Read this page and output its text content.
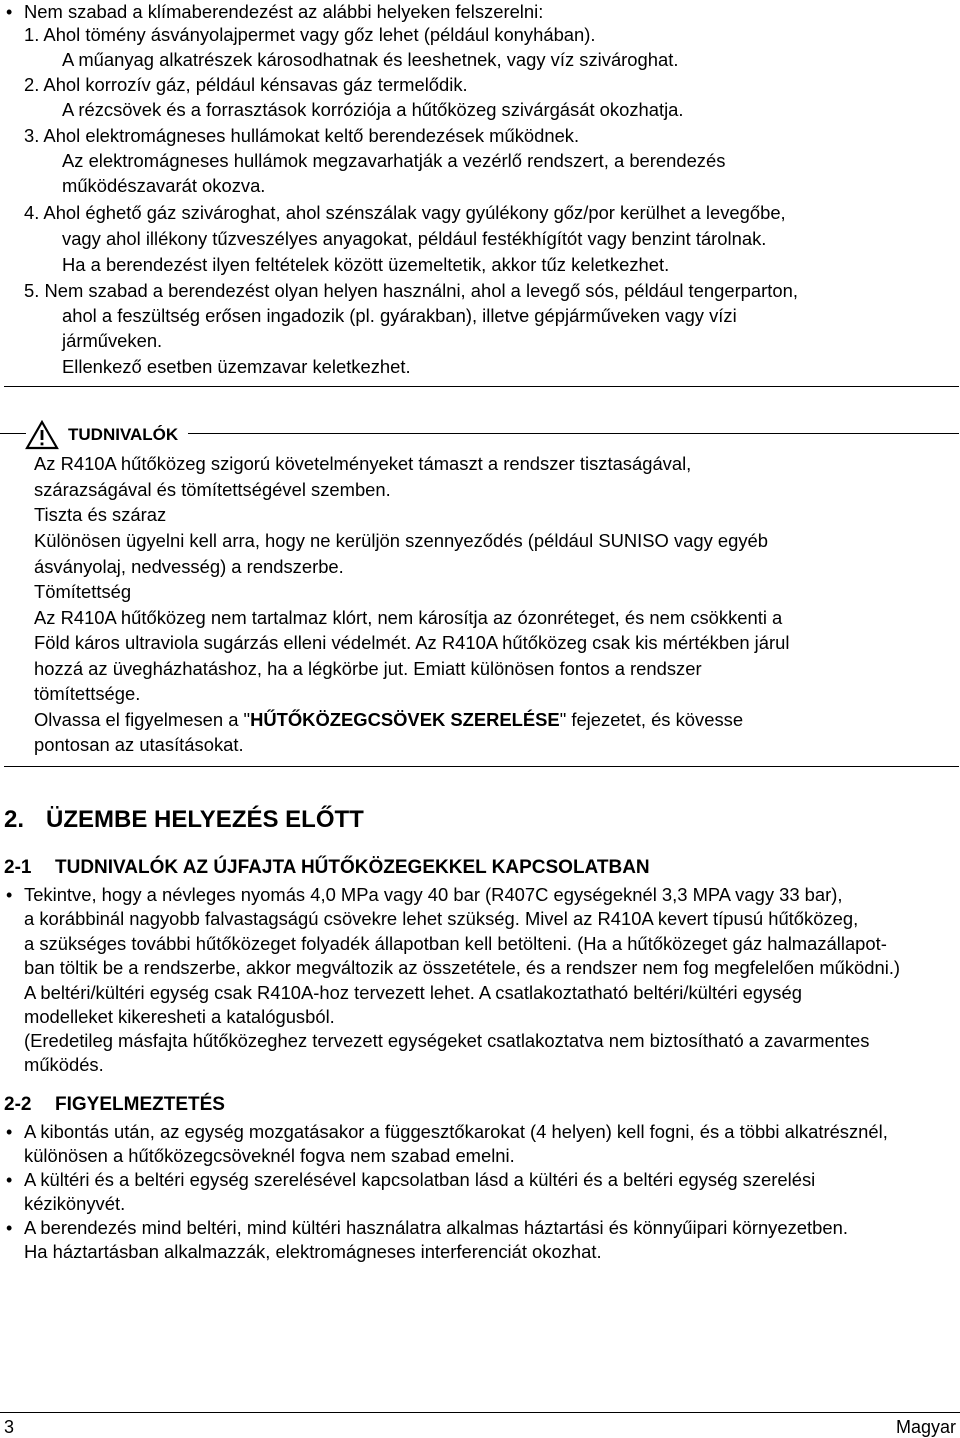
• Nem szabad a klímaberendezést az alábbi helyeken felszerelni:
1. Ahol tömény ásványolajpermet vagy gőz lehet (például konyhában).
A műanyag alkatrészek károsodhatnak és leeshetnek, vagy víz szivároghat.
2. Ahol korrozív gáz, például kénsavas gáz termelődik.
A rézcsövek és a forrasztások korróziója a hűtőközeg szivárgását okozhatja.
3. Ahol elektromágneses hullámokat keltő berendezések működnek.
Az elektromágneses hullámok megzavarhatják a vezérlő rendszert, a berendezés
működészavarát okozva.
4. Ahol éghető gáz szivároghat, ahol szénszálak vagy gyúlékony gőz/por kerülhet a levegőbe,
vagy ahol illékony tűzveszélyes anyagokat, például festékhígítót vagy benzint tárolnak.
Ha a berendezést ilyen feltételek között üzemeltetik, akkor tűz keletkezhet.
5. Nem szabad a berendezést olyan helyen használni, ahol a levegő sós, például tengerparton,
ahol a feszültség erősen ingadozik (pl. gyárakban), illetve gépjárműveken vagy vízi
járműveken.
Ellenkező esetben üzemzavar keletkezhet.
TUDNIVALÓK
Az R410A hűtőközeg szigorú követelményeket támaszt a rendszer tisztaságával,
szárazságával és tömítettségével szemben.
Tiszta és száraz
Különösen ügyelni kell arra, hogy ne kerüljön szennyeződés (például SUNISO vagy egyéb
ásványolaj, nedvesség) a rendszerbe.
Tömítettség
Az R410A hűtőközeg nem tartalmaz klórt, nem károsítja az ózonréteget, és nem csökkenti a
Föld káros ultraviola sugárzás elleni védelmét. Az R410A hűtőközeg csak kis mértékben járul
hozzá az üvegházhatáshoz, ha a légkörbe jut. Emiatt különösen fontos a rendszer
tömítettsége.
Olvassa el figyelmesen a "HŰTŐKÖZEGCSÖVEK SZERELÉSE" fejezetet, és kövesse
pontosan az utasításokat.
2. ÜZEMBE HELYEZÉS ELŐTT
2-1 TUDNIVALÓK AZ ÚJFAJTA HŰTŐKÖZEGEKKEL KAPCSOLATBAN
• Tekintve, hogy a névleges nyomás 4,0 MPa vagy 40 bar (R407C egységeknél 3,3 MPA vagy 33 bar),
a korábbinál nagyobb falvastagságú csövekre lehet szükség. Mivel az R410A kevert típusú hűtőközeg,
a szükséges további hűtőközeget folyadék állapotban kell betölteni. (Ha a hűtőközeget gáz halmazállapot-
ban töltik be a rendszerbe, akkor megváltozik az összetétele, és a rendszer nem fog megfelelően működni.)
A beltéri/kültéri egység csak R410A-hoz tervezett lehet. A csatlakoztatható beltéri/kültéri egység
modelleket kikeresheti a katalógusból.
(Eredetileg másfajta hűtőközeghez tervezett egységeket csatlakoztatva nem biztosítható a zavarmentes
működés.
2-2 FIGYELMEZTETÉS
• A kibontás után, az egység mozgatásakor a függesztőkarokat (4 helyen) kell fogni, és a többi alkatrésznél,
különösen a hűtőközegcsöveknél fogva nem szabad emelni.
• A kültéri és a beltéri egység szerelésével kapcsolatban lásd a kültéri és a beltéri egység szerelési
kézikönyvét.
• A berendezés mind beltéri, mind kültéri használatra alkalmas háztartási és könnyűipari környezetben.
Ha háztartásban alkalmazzák, elektromágneses interferenciát okozhat.
3	Magyar
